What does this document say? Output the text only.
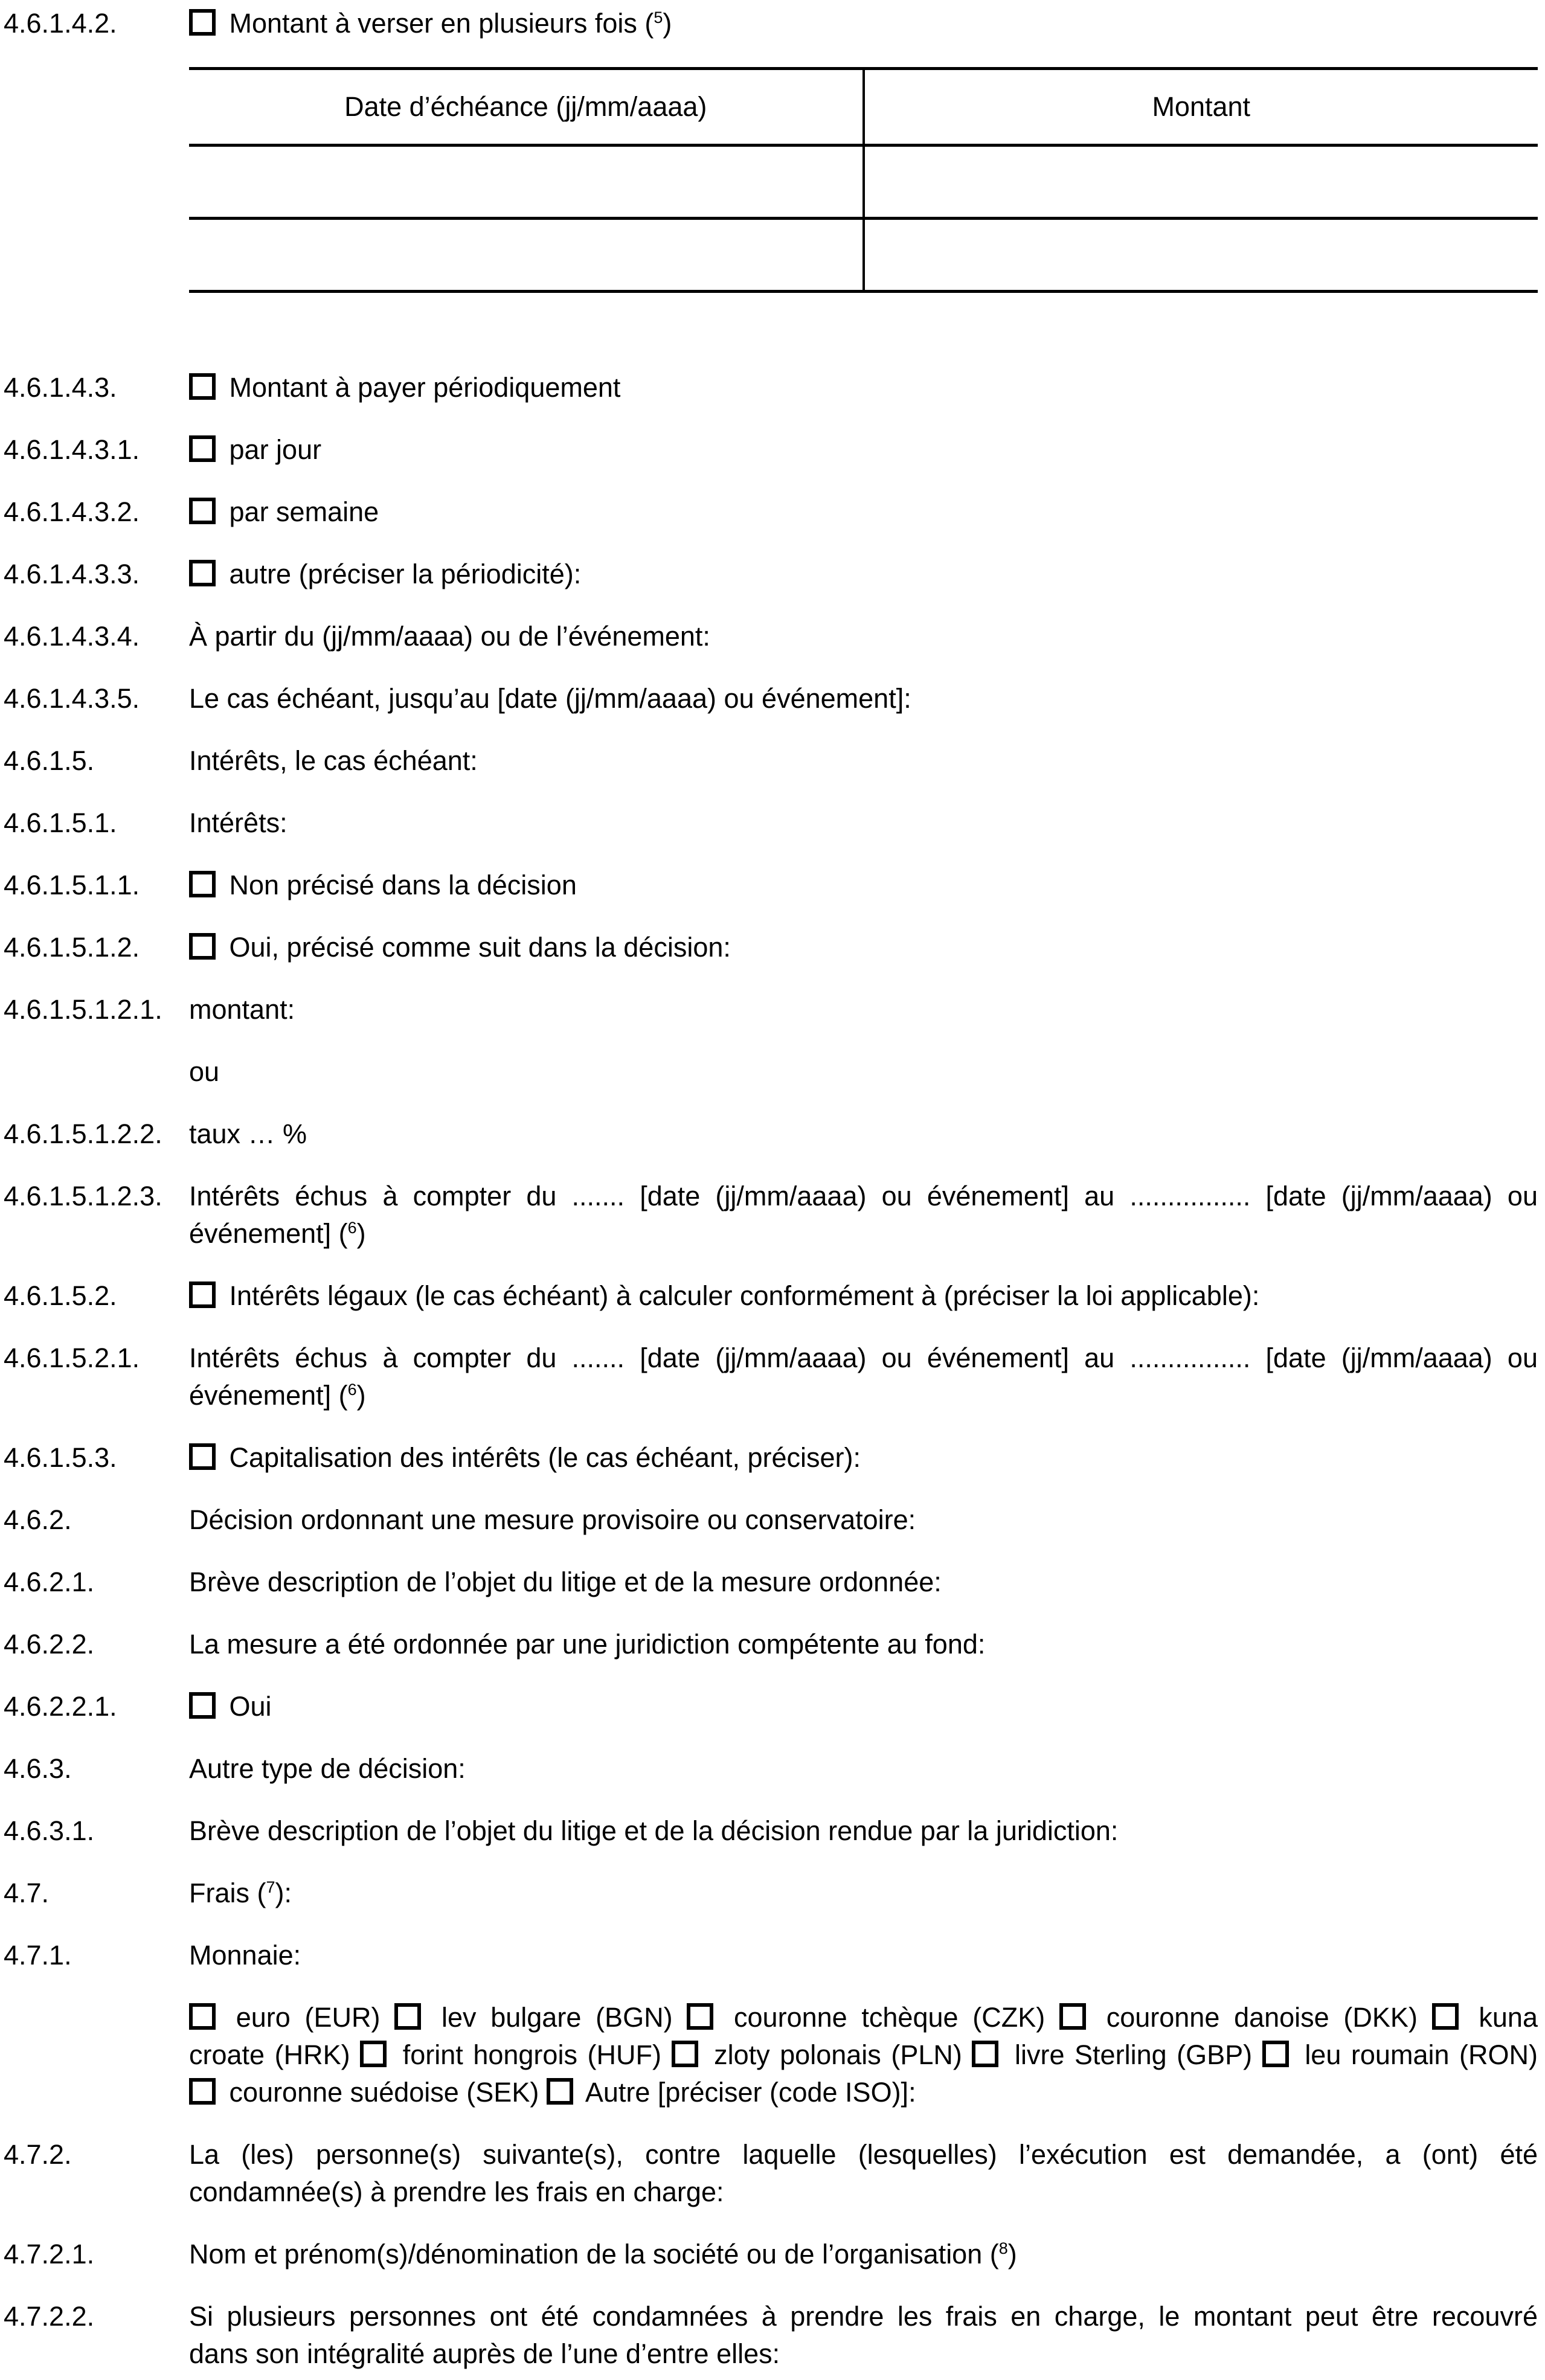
4.6.1.4.2.	Montant à verser en plusieurs fois ($^5$)
Date d’échéance (jj/mm/aaaa)	Montant

4.6.1.4.3.	Montant à payer périodiquement
4.6.1.4.3.1.	par jour
4.6.1.4.3.2.	par semaine
4.6.1.4.3.3.	autre (préciser la périodicité):
4.6.1.4.3.4.	À partir du (jj/mm/aaaa) ou de l’événement:
4.6.1.4.3.5.	Le cas échéant, jusqu’au [date (jj/mm/aaaa) ou événement]:
4.6.1.5.	Intérêts, le cas échéant:
4.6.1.5.1.	Intérêts:
4.6.1.5.1.1.	Non précisé dans la décision
4.6.1.5.1.2.	Oui, précisé comme suit dans la décision:
4.6.1.5.1.2.1. montant:
ou
4.6.1.5.1.2.2. taux … %
4.6.1.5.1.2.3. Intérêts échus à compter du ....... [date (jj/mm/aaaa) ou événement] au ................ [date (jj/mm/aaaa) ou
événement] ($^6$)
4.6.1.5.2.	Intérêts légaux (le cas échéant) à calculer conformément à (préciser la loi applicable):
4.6.1.5.2.1.	Intérêts échus à compter du ....... [date (jj/mm/aaaa) ou événement] au ................ [date (jj/mm/aaaa) ou
événement] ($^6$)
4.6.1.5.3.	Capitalisation des intérêts (le cas échéant, préciser):
4.6.2.	Décision ordonnant une mesure provisoire ou conservatoire:
4.6.2.1.	Brève description de l’objet du litige et de la mesure ordonnée:
4.6.2.2.	La mesure a été ordonnée par une juridiction compétente au fond:
4.6.2.2.1.	Oui
4.6.3.	Autre type de décision:
4.6.3.1.	Brève description de l’objet du litige et de la décision rendue par la juridiction:
4.7.	Frais ($^7$):
4.7.1.	Monnaie:
euro (EUR) lev bulgare (BGN) couronne tchèque (CZK) couronne danoise (DKK) kuna
croate (HRK) forint hongrois (HUF) zloty polonais (PLN) livre Sterling (GBP) leu roumain (RON)
couronne suédoise (SEK) Autre [préciser (code ISO)]:
4.7.2.	La (les) personne(s) suivante(s), contre laquelle (lesquelles) l’exécution est demandée, a (ont) été
condamnée(s) à prendre les frais en charge:
4.7.2.1.	Nom et prénom(s)/dénomination de la société ou de l’organisation ($^8$)
4.7.2.2.	Si plusieurs personnes ont été condamnées à prendre les frais en charge, le montant peut être recouvré
dans son intégralité auprès de l’une d’entre elles:
